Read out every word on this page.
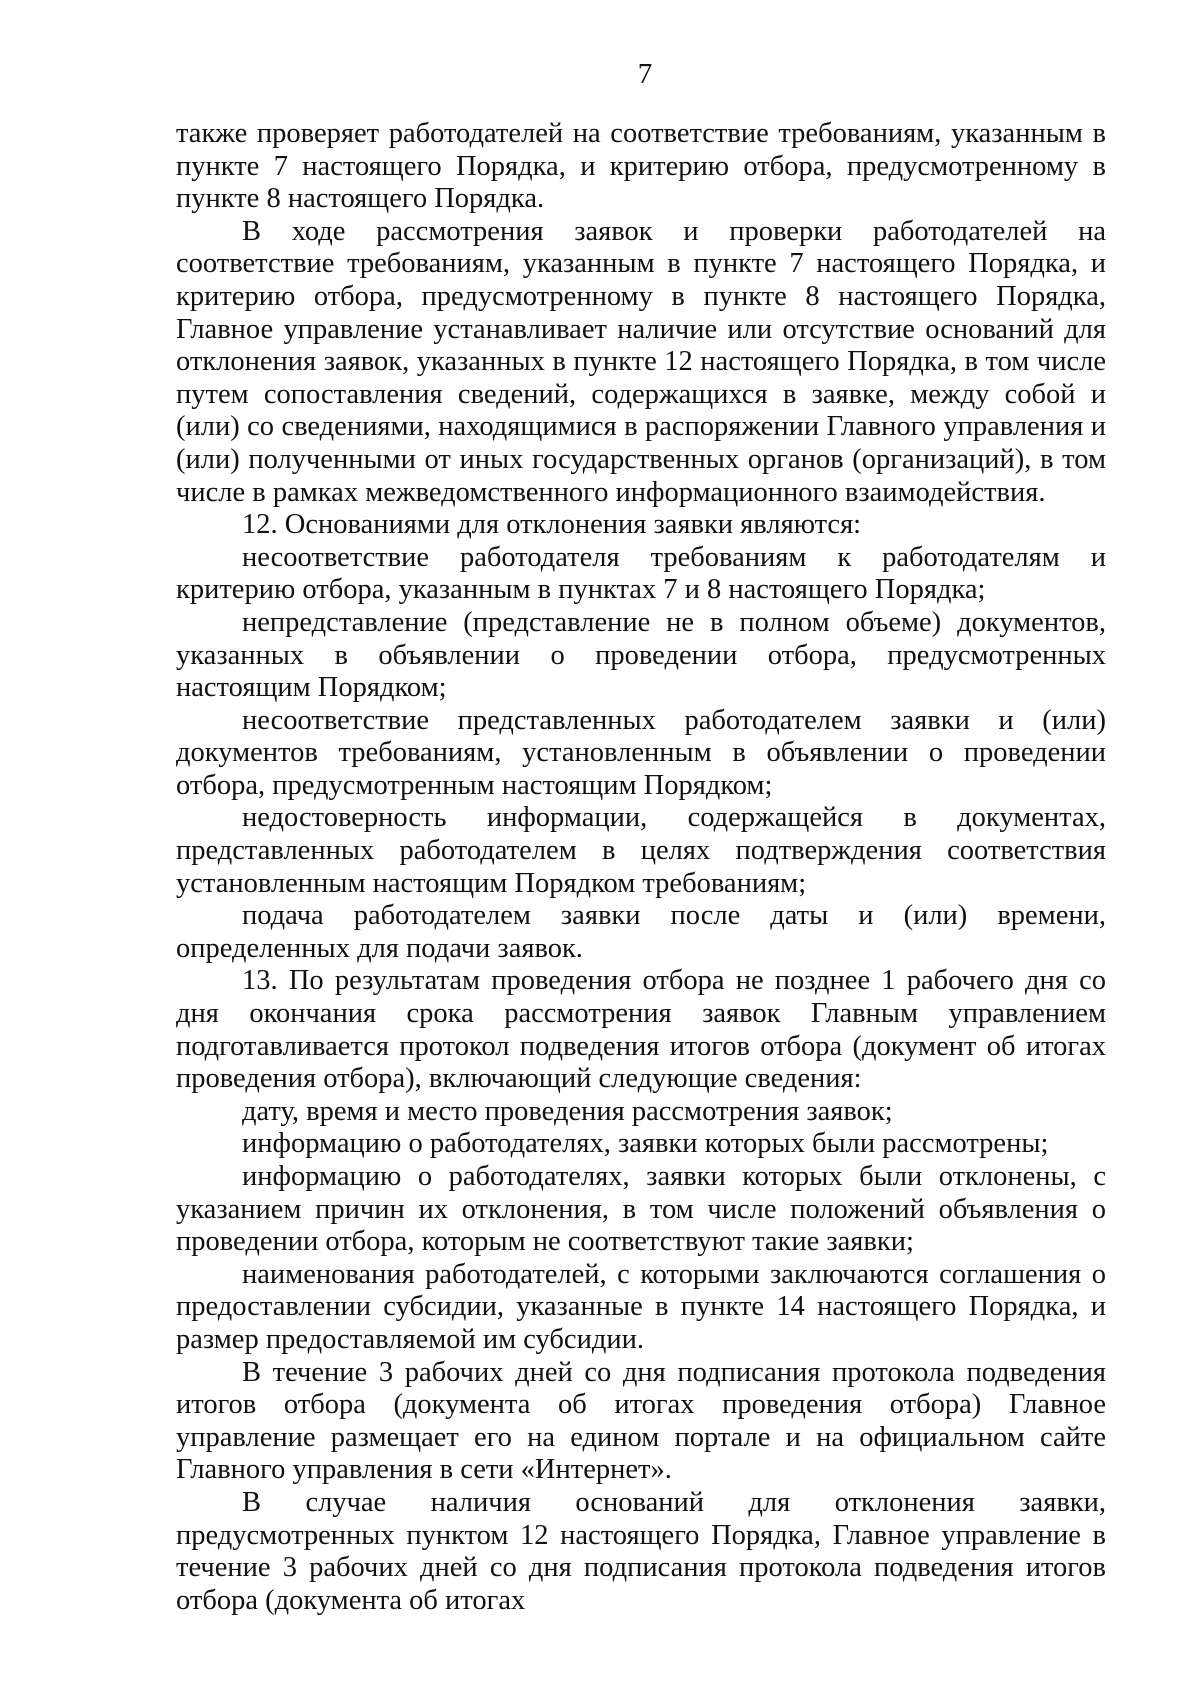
7

также проверяет работодателей на соответствие требованиям, указанным в пункте 7 настоящего Порядка, и критерию отбора, предусмотренному в пункте 8 настоящего Порядка.

В ходе рассмотрения заявок и проверки работодателей на соответствие требованиям, указанным в пункте 7 настоящего Порядка, и критерию отбора, предусмотренному в пункте 8 настоящего Порядка, Главное управление устанавливает наличие или отсутствие оснований для отклонения заявок, указанных в пункте 12 настоящего Порядка, в том числе путем сопоставления сведений, содержащихся в заявке, между собой и (или) со сведениями, находящимися в распоряжении Главного управления и (или) полученными от иных государственных органов (организаций), в том числе в рамках межведомственного информационного взаимодействия.

12. Основаниями для отклонения заявки являются:

несоответствие работодателя требованиям к работодателям и критерию отбора, указанным в пунктах 7 и 8 настоящего Порядка;

непредставление (представление не в полном объеме) документов, указанных в объявлении о проведении отбора, предусмотренных настоящим Порядком;

несоответствие представленных работодателем заявки и (или) документов требованиям, установленным в объявлении о проведении отбора, предусмотренным настоящим Порядком;

недостоверность информации, содержащейся в документах, представленных работодателем в целях подтверждения соответствия установленным настоящим Порядком требованиям;

подача работодателем заявки после даты и (или) времени, определенных для подачи заявок.

13. По результатам проведения отбора не позднее 1 рабочего дня со дня окончания срока рассмотрения заявок Главным управлением подготавливается протокол подведения итогов отбора (документ об итогах проведения отбора), включающий следующие сведения:

дату, время и место проведения рассмотрения заявок;

информацию о работодателях, заявки которых были рассмотрены;

информацию о работодателях, заявки которых были отклонены, с указанием причин их отклонения, в том числе положений объявления о проведении отбора, которым не соответствуют такие заявки;

наименования работодателей, с которыми заключаются соглашения о предоставлении субсидии, указанные в пункте 14 настоящего Порядка, и размер предоставляемой им субсидии.

В течение 3 рабочих дней со дня подписания протокола подведения итогов отбора (документа об итогах проведения отбора) Главное управление размещает его на едином портале и на официальном сайте Главного управления в сети «Интернет».

В случае наличия оснований для отклонения заявки, предусмотренных пунктом 12 настоящего Порядка, Главное управление в течение 3 рабочих дней со дня подписания протокола подведения итогов отбора (документа об итогах
